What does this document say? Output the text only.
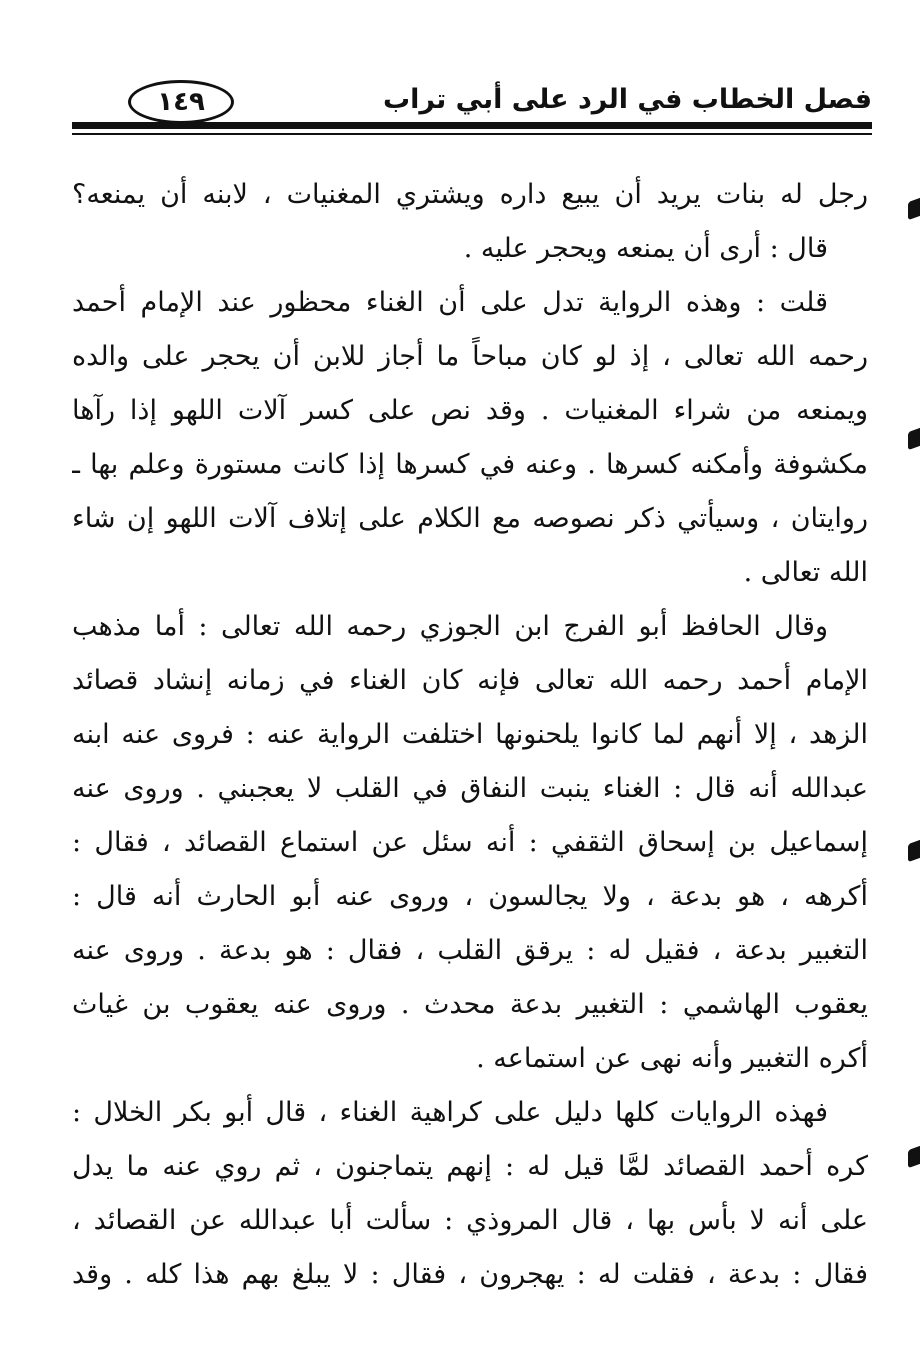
فصل الخطاب في الرد على أبي تراب
١٤٩
رجل له بنات يريد أن يبيع داره ويشتري المغنيات ، لابنه أن يمنعه؟
قال : أرى أن يمنعه ويحجر عليه .
قلت : وهذه الرواية تدل على أن الغناء محظور عند الإمام أحمد
رحمه الله تعالى ، إذ لو كان مباحاً ما أجاز للابن أن يحجر على والده
ويمنعه من شراء المغنيات . وقد نص على كسر آلات اللهو إذا رآها
مكشوفة وأمكنه كسرها . وعنه في كسرها إذا كانت مستورة وعلم بها ـ
روايتان ، وسيأتي ذكر نصوصه مع الكلام على إتلاف آلات اللهو إن شاء
الله تعالى .
وقال الحافظ أبو الفرج ابن الجوزي رحمه الله تعالى : أما مذهب
الإمام أحمد رحمه الله تعالى فإنه كان الغناء في زمانه إنشاد قصائد
الزهد ، إلا أنهم لما كانوا يلحنونها اختلفت الرواية عنه : فروى عنه ابنه
عبدالله أنه قال : الغناء ينبت النفاق في القلب لا يعجبني . وروى عنه
إسماعيل بن إسحاق الثقفي : أنه سئل عن استماع القصائد ، فقال :
أكرهه ، هو بدعة ، ولا يجالسون ، وروى عنه أبو الحارث أنه قال :
التغبير بدعة ، فقيل له : يرقق القلب ، فقال : هو بدعة . وروى عنه
يعقوب الهاشمي : التغبير بدعة محدث . وروى عنه يعقوب بن غياث
أكره التغبير وأنه نهى عن استماعه .
فهذه الروايات كلها دليل على كراهية الغناء ، قال أبو بكر الخلال :
كره أحمد القصائد لمَّا قيل له : إنهم يتماجنون ، ثم روي عنه ما يدل
على أنه لا بأس بها ، قال المروذي : سألت أبا عبدالله عن القصائد ،
فقال : بدعة ، فقلت له : يهجرون ، فقال : لا يبلغ بهم هذا كله . وقد
